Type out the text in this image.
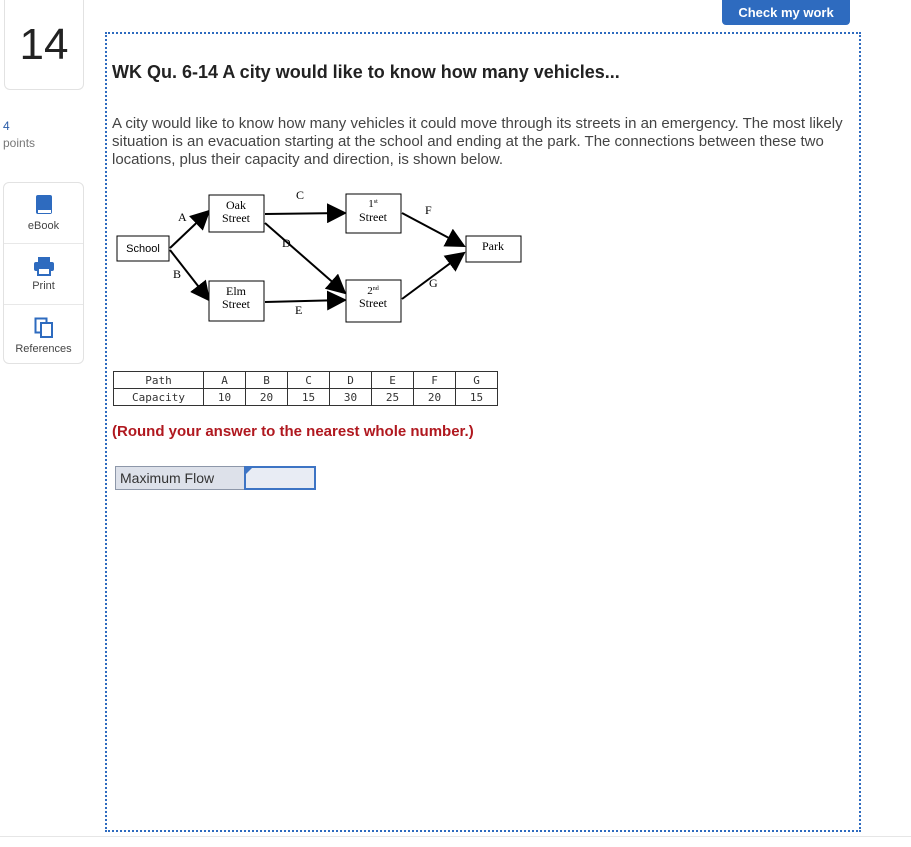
14
4
points
eBook
Print
References
Check my work
WK Qu. 6-14 A city would like to know how many vehicles...
A city would like to know how many vehicles it could move through its streets in an emergency. The most likely situation is an evacuation starting at the school and ending at the park. The connections between these two locations, plus their capacity and direction, is shown below.
School
Oak
Street
Elm
Street
1st
Street
2nd
Street
Park
A
B
C
D
E
F
G
Path	A	B	C	D	E	F	G
Capacity	10	20	15	30	25	20	15
(Round your answer to the nearest whole number.)
Maximum Flow
